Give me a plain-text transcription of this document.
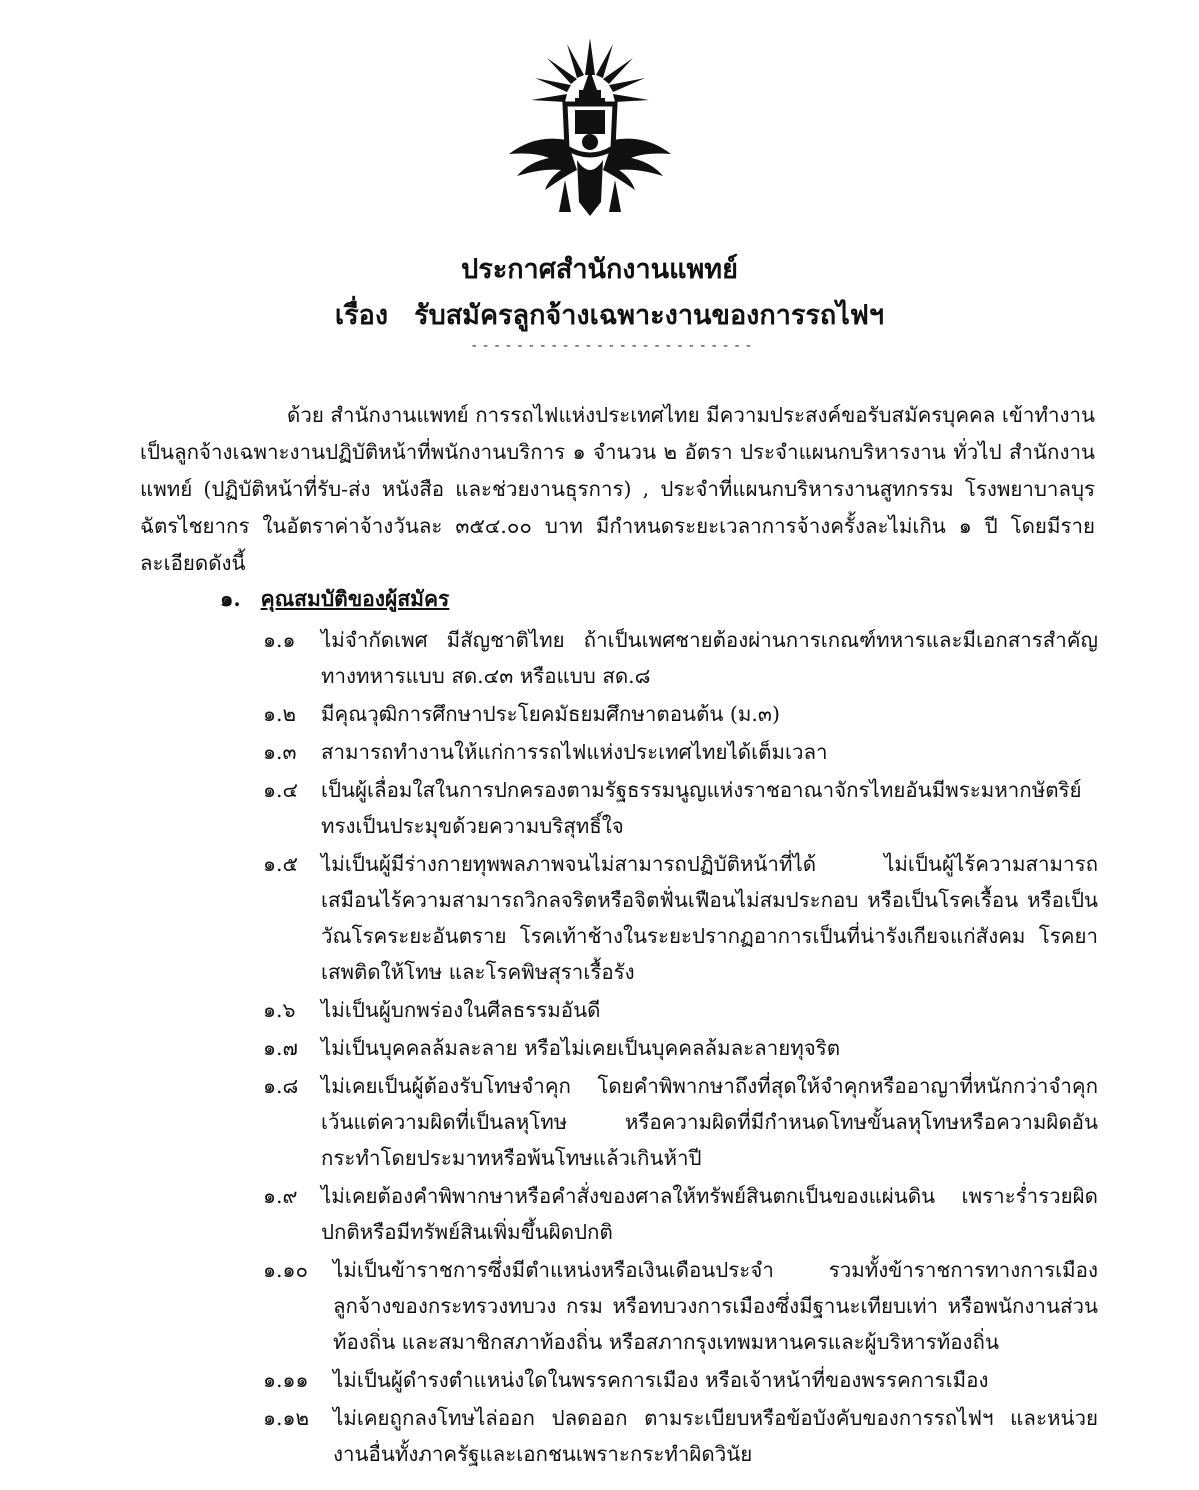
ประกาศสำนักงานแพทย์
เรื่อง รับสมัครลูกจ้างเฉพาะงานของการรถไฟฯ
-------------------------
ด้วย สำนักงานแพทย์ การรถไฟแห่งประเทศไทย มีความประสงค์ขอรับสมัครบุคคล เข้าทำงานเป็นลูกจ้างเฉพาะงานปฏิบัติหน้าที่พนักงานบริการ ๑ จำนวน ๒ อัตรา ประจำแผนกบริหารงาน ทั่วไป สำนักงานแพทย์ (ปฏิบัติหน้าที่รับ-ส่ง หนังสือ และช่วยงานธุรการ) , ประจำที่แผนกบริหารงานสูทกรรม โรงพยาบาลบุรฉัตรไชยากร ในอัตราค่าจ้างวันละ ๓๕๔.๐๐ บาท มีกำหนดระยะเวลาการจ้างครั้งละไม่เกิน ๑ ปี โดยมีรายละเอียดดังนี้
๑. คุณสมบัติของผู้สมัคร
๑.๑	ไม่จำกัดเพศ มีสัญชาติไทย ถ้าเป็นเพศชายต้องผ่านการเกณฑ์ทหารและมีเอกสารสำคัญทางทหารแบบ สด.๔๓ หรือแบบ สด.๘
๑.๒	มีคุณวุฒิการศึกษาประโยคมัธยมศึกษาตอนต้น (ม.๓)
๑.๓	สามารถทำงานให้แก่การรถไฟแห่งประเทศไทยได้เต็มเวลา
๑.๔	เป็นผู้เลื่อมใสในการปกครองตามรัฐธรรมนูญแห่งราชอาณาจักรไทยอันมีพระมหากษัตริย์ทรงเป็นประมุขด้วยความบริสุทธิ์ใจ
๑.๕	ไม่เป็นผู้มีร่างกายทุพพลภาพจนไม่สามารถปฏิบัติหน้าที่ได้ ไม่เป็นผู้ไร้ความสามารถ เสมือนไร้ความสามารถวิกลจริตหรือจิตฟั่นเฟือนไม่สมประกอบ หรือเป็นโรคเรื้อน หรือเป็นวัณโรคระยะอันตราย โรคเท้าช้างในระยะปรากฏอาการเป็นที่น่ารังเกียจแก่สังคม โรคยาเสพติดให้โทษ และโรคพิษสุราเรื้อรัง
๑.๖	ไม่เป็นผู้บกพร่องในศีลธรรมอันดี
๑.๗	ไม่เป็นบุคคลล้มละลาย หรือไม่เคยเป็นบุคคลล้มละลายทุจริต
๑.๘	ไม่เคยเป็นผู้ต้องรับโทษจำคุก โดยคำพิพากษาถึงที่สุดให้จำคุกหรืออาญาที่หนักกว่าจำคุก เว้นแต่ความผิดที่เป็นลหุโทษ หรือความผิดที่มีกำหนดโทษขั้นลหุโทษหรือความผิดอันกระทำโดยประมาทหรือพ้นโทษแล้วเกินห้าปี
๑.๙	ไม่เคยต้องคำพิพากษาหรือคำสั่งของศาลให้ทรัพย์สินตกเป็นของแผ่นดิน เพราะร่ำรวยผิดปกติหรือมีทรัพย์สินเพิ่มขึ้นผิดปกติ
๑.๑๐	ไม่เป็นข้าราชการซึ่งมีตำแหน่งหรือเงินเดือนประจำ รวมทั้งข้าราชการทางการเมือง ลูกจ้างของกระทรวงทบวง กรม หรือทบวงการเมืองซึ่งมีฐานะเทียบเท่า หรือพนักงานส่วนท้องถิ่น และสมาชิกสภาท้องถิ่น หรือสภากรุงเทพมหานครและผู้บริหารท้องถิ่น
๑.๑๑	ไม่เป็นผู้ดำรงตำแหน่งใดในพรรคการเมือง หรือเจ้าหน้าที่ของพรรคการเมือง
๑.๑๒	ไม่เคยถูกลงโทษไล่ออก ปลดออก ตามระเบียบหรือข้อบังคับของการรถไฟฯ และหน่วยงานอื่นทั้งภาครัฐและเอกชนเพราะกระทำผิดวินัย
